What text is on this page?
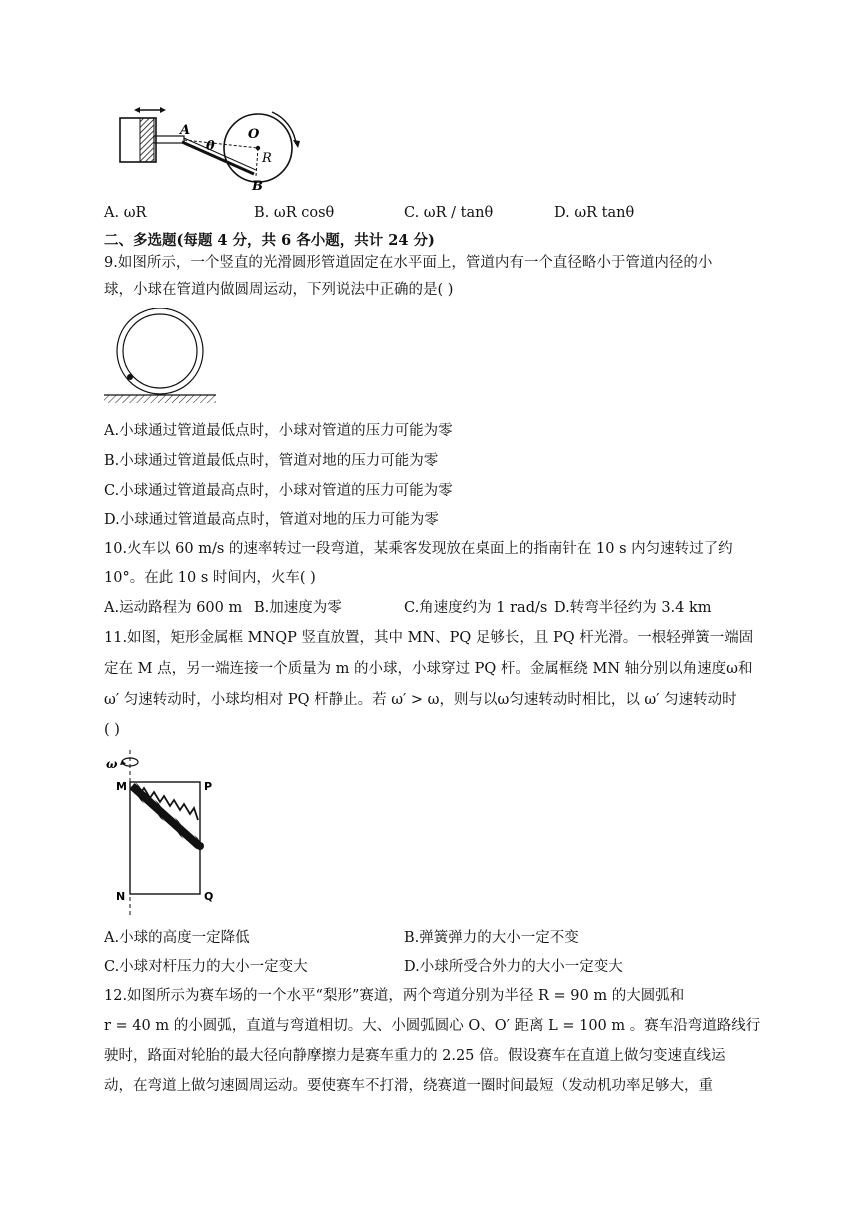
A	O
R
B
θ
A. ωR	B. ωR cosθ	C. ωR / tanθ	D. ωR tanθ
二、多选题(每题 4 分，共 6 各小题，共计 24 分)
9.如图所示，一个竖直的光滑圆形管道固定在水平面上，管道内有一个直径略小于管道内径的小
球，小球在管道内做圆周运动，下列说法中正确的是( )
A.小球通过管道最低点时，小球对管道的压力可能为零
B.小球通过管道最低点时，管道对地的压力可能为零
C.小球通过管道最高点时，小球对管道的压力可能为零
D.小球通过管道最高点时，管道对地的压力可能为零
10.火车以 60 m/s 的速率转过一段弯道，某乘客发现放在桌面上的指南针在 10 s 内匀速转过了约
10°。在此 10 s 时间内，火车( )
A.运动路程为 600 m B.加速度为零	C.角速度约为 1 rad/s D.转弯半径约为 3.4 km
11.如图，矩形金属框 MNQP 竖直放置，其中 MN、PQ 足够长，且 PQ 杆光滑。一根轻弹簧一端固
定在 M 点，另一端连接一个质量为 m 的小球，小球穿过 PQ 杆。金属框绕 MN 轴分别以角速度ω和
ω′ 匀速转动时，小球均相对 PQ 杆静止。若 ω′ > ω，则与以ω匀速转动时相比，以 ω′ 匀速转动时
( )
ω
M	P
N	Q
A.小球的高度一定降低	B.弹簧弹力的大小一定不变
C.小球对杆压力的大小一定变大	D.小球所受合外力的大小一定变大
12.如图所示为赛车场的一个水平“梨形”赛道，两个弯道分别为半径 R = 90 m 的大圆弧和
r = 40 m 的小圆弧，直道与弯道相切。大、小圆弧圆心 O、O′ 距离 L = 100 m 。赛车沿弯道路线行
驶时，路面对轮胎的最大径向静摩擦力是赛车重力的 2.25 倍。假设赛车在直道上做匀变速直线运
动，在弯道上做匀速圆周运动。要使赛车不打滑，绕赛道一圈时间最短（发动机功率足够大，重
